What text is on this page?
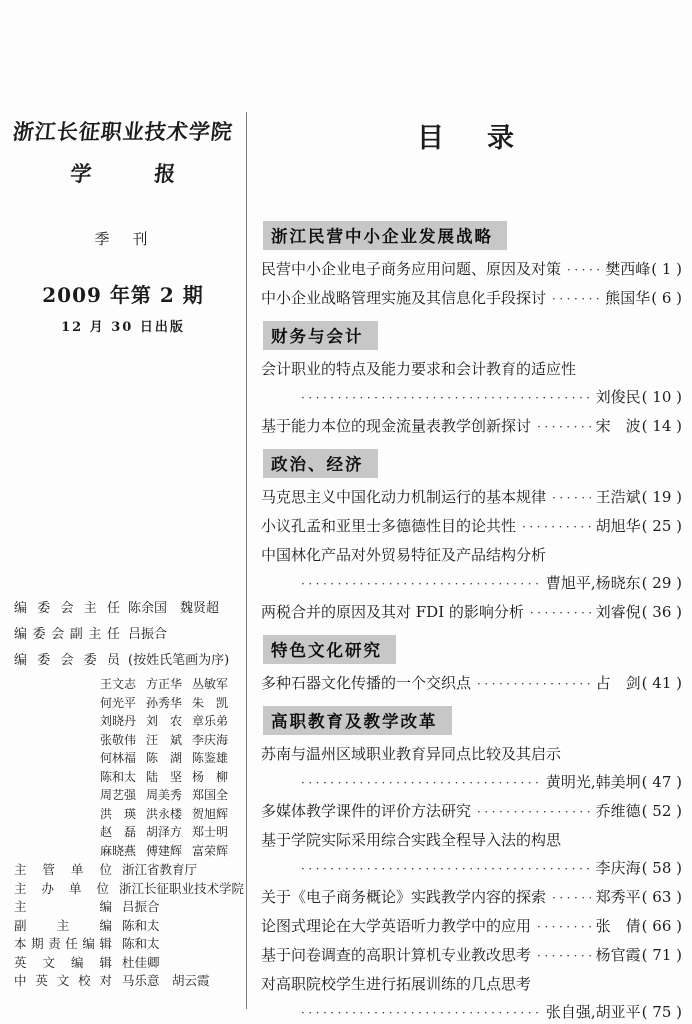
浙江长征职业技术学院
学　　　报
季　刊
2009 年第 2 期
12 月 30 日出版
编委会主任 陈余国　魏贤超
编委会副主任 吕振合
编委会委员 (按姓氏笔画为序)
王文志 方正华 丛敏军
何光平 孙秀华 朱　凯
刘晓丹 刘　农 章乐弟
张敬伟 汪　斌 李庆海
何林福 陈　湖 陈鉴雄
陈和太 陆　坚 杨　柳
周艺强 周美秀 郑国全
洪　瑛 洪永楼 贺旭辉
赵　磊 胡泽方 郑士明
麻晓燕 傅建辉 富荣辉
主管单位 浙江省教育厅
主办单位 浙江长征职业技术学院
主编 吕振合
副主编 陈和太
本期责任编辑 陈和太
英文编辑 杜佳卿
中英文校对 马乐意　胡云霞
目　录
浙江民营中小企业发展战略
民营中小企业电子商务应用问题、原因及对策 ·····	樊西峰 ( 1 )
中小企业战略管理实施及其信息化手段探讨 ·····	熊国华 ( 6 )
财务与会计
会计职业的特点及能力要求和会计教育的适应性
·····
刘俊民 ( 10 )
基于能力本位的现金流量表教学创新探讨 ·····	宋　波 ( 14 )
政治、经济
马克思主义中国化动力机制运行的基本规律 ·····	王浩斌 ( 19 )
小议孔孟和亚里士多德德性目的论共性 ·····	胡旭华 ( 25 )
中国林化产品对外贸易特征及产品结构分析
·····
曹旭平,杨晓东 ( 29 )
两税合并的原因及其对 FDI 的影响分析 ·····	刘睿倪 ( 36 )
特色文化研究
多种石器文化传播的一个交织点 ·····	占　剑 ( 41 )
高职教育及教学改革
苏南与温州区域职业教育异同点比较及其启示
·····
黄明光,韩美坰 ( 47 )
多媒体教学课件的评价方法研究 ·····	乔维德 ( 52 )
基于学院实际采用综合实践全程导入法的构思
·····
李庆海 ( 58 )
关于《电子商务概论》实践教学内容的探索 ·····	郑秀平 ( 63 )
论图式理论在大学英语听力教学中的应用 ·····	张　倩 ( 66 )
基于问卷调查的高职计算机专业教改思考 ·····	杨官霞 ( 71 )
对高职院校学生进行拓展训练的几点思考
·····
张自强,胡亚平 ( 75 )
